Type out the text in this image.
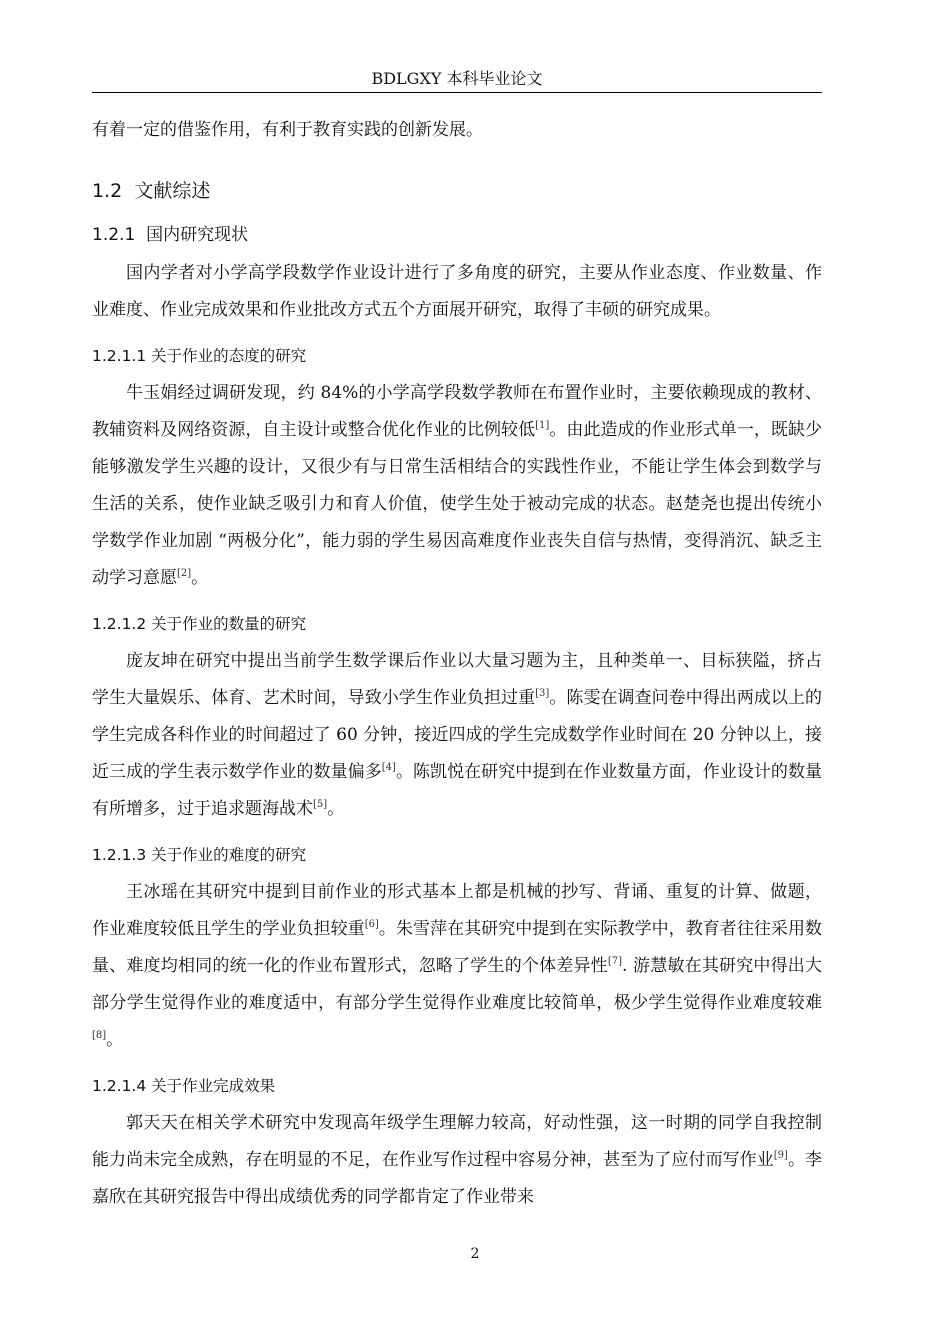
BDLGXY 本科毕业论文

有着一定的借鉴作用，有利于教育实践的创新发展。

1.2 文献综述
1.2.1 国内研究现状

国内学者对小学高学段数学作业设计进行了多角度的研究，主要从作业态度、作业数量、作业难度、作业完成效果和作业批改方式五个方面展开研究，取得了丰硕的研究成果。

1.2.1.1 关于作业的态度的研究

牛玉娟经过调研发现，约 84%的小学高学段数学教师在布置作业时，主要依赖现成的教材、教辅资料及网络资源，自主设计或整合优化作业的比例较低[1]。由此造成的作业形式单一，既缺少能够激发学生兴趣的设计，又很少有与日常生活相结合的实践性作业，不能让学生体会到数学与生活的关系，使作业缺乏吸引力和育人价值，使学生处于被动完成的状态。赵楚尧也提出传统小学数学作业加剧 “两极分化”，能力弱的学生易因高难度作业丧失自信与热情，变得消沉、缺乏主动学习意愿[2]。

1.2.1.2 关于作业的数量的研究

庞友坤在研究中提出当前学生数学课后作业以大量习题为主，且种类单一、目标狭隘，挤占学生大量娱乐、体育、艺术时间，导致小学生作业负担过重[3]。陈雯在调查问卷中得出两成以上的学生完成各科作业的时间超过了 60 分钟，接近四成的学生完成数学作业时间在 20 分钟以上，接近三成的学生表示数学作业的数量偏多[4]。陈凯悦在研究中提到在作业数量方面，作业设计的数量有所增多，过于追求题海战术[5]。

1.2.1.3 关于作业的难度的研究

王冰瑶在其研究中提到目前作业的形式基本上都是机械的抄写、背诵、重复的计算、做题，作业难度较低且学生的学业负担较重[6]。朱雪萍在其研究中提到在实际教学中，教育者往往采用数量、难度均相同的统一化的作业布置形式，忽略了学生的个体差异性[7]. 游慧敏在其研究中得出大部分学生觉得作业的难度适中，有部分学生觉得作业难度比较简单，极少学生觉得作业难度较难[8]。

1.2.1.4 关于作业完成效果

郭天天在相关学术研究中发现高年级学生理解力较高，好动性强，这一时期的同学自我控制能力尚未完全成熟，存在明显的不足，在作业写作过程中容易分神，甚至为了应付而写作业[9]。李嘉欣在其研究报告中得出成绩优秀的同学都肯定了作业带来

2
